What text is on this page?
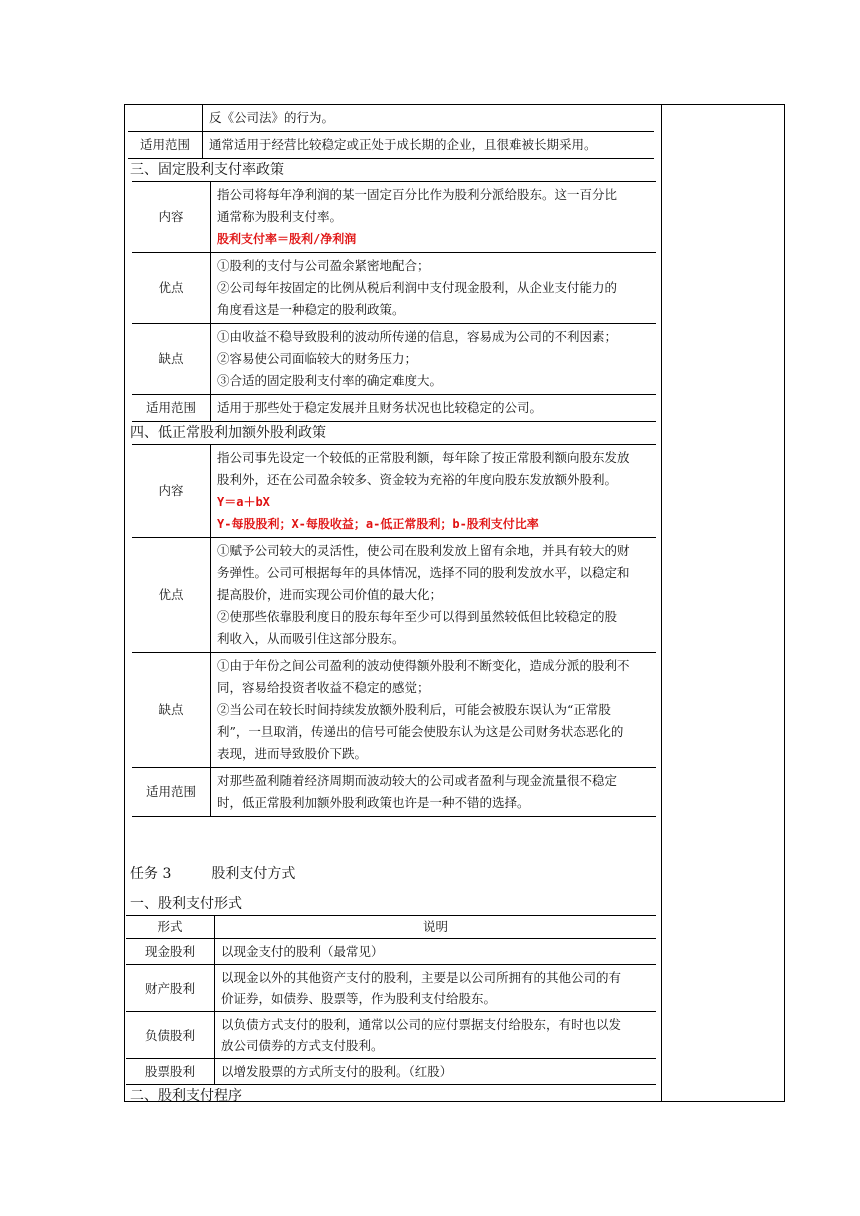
	反《公司法》的行为。
适用范围	通常适用于经营比较稳定或正处于成长期的企业，且很难被长期采用。
三、固定股利支付率政策
内容	指公司将每年净利润的某一固定百分比作为股利分派给股东。这一百分比
通常称为股利支付率。
股利支付率＝股利/净利润

优点	①股利的支付与公司盈余紧密地配合；
②公司每年按固定的比例从税后利润中支付现金股利，从企业支付能力的
角度看这是一种稳定的股利政策。

缺点	①由收益不稳导致股利的波动所传递的信息，容易成为公司的不利因素；
②容易使公司面临较大的财务压力；
③合适的固定股利支付率的确定难度大。

适用范围	适用于那些处于稳定发展并且财务状况也比较稳定的公司。
四、低正常股利加额外股利政策
内容	指公司事先设定一个较低的正常股利额，每年除了按正常股利额向股东发放
股利外，还在公司盈余较多、资金较为充裕的年度向股东发放额外股利。
Y＝a＋bX
Y-每股股利；X-每股收益；a-低正常股利；b-股利支付比率

优点	①赋予公司较大的灵活性，使公司在股利发放上留有余地，并具有较大的财
务弹性。公司可根据每年的具体情况，选择不同的股利发放水平，以稳定和
提高股价，进而实现公司价值的最大化；
②使那些依靠股利度日的股东每年至少可以得到虽然较低但比较稳定的股
利收入，从而吸引住这部分股东。

缺点	①由于年份之间公司盈利的波动使得额外股利不断变化，造成分派的股利不
同，容易给投资者收益不稳定的感觉；
②当公司在较长时间持续发放额外股利后，可能会被股东误认为“正常股
利”，一旦取消，传递出的信号可能会使股东认为这是公司财务状态恶化的
表现，进而导致股价下跌。

适用范围	对那些盈利随着经济周期而波动较大的公司或者盈利与现金流量很不稳定
时，低正常股利加额外股利政策也许是一种不错的选择。
任务 3	股利支付方式
一、股利支付形式
形式	说明
现金股利	以现金支付的股利（最常见）

财产股利	以现金以外的其他资产支付的股利，主要是以公司所拥有的其他公司的有
价证券，如债券、股票等，作为股利支付给股东。

负债股利	以负债方式支付的股利，通常以公司的应付票据支付给股东，有时也以发
放公司债券的方式支付股利。

股票股利	以增发股票的方式所支付的股利。（红股）
二、股利支付程序
